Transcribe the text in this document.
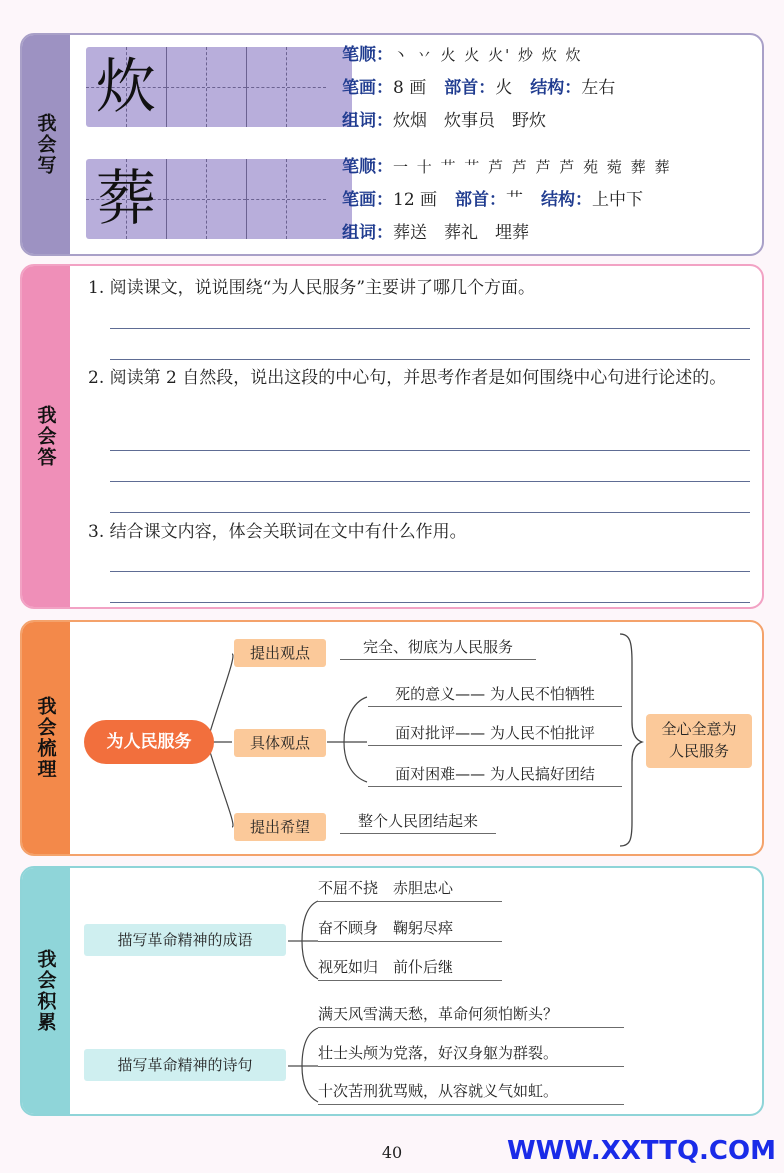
我会写
炊	笔顺：丶 丷 火 火 火' 炒 炊 炊
笔画：8 画 部首：火 结构：左右
组词：炊烟　炊事员　野炊
葬	笔顺：一 十 艹 艹 芦 芦 芦 芦 苑 菀 葬 葬
笔画：12 画 部首：艹 结构：上中下
组词：葬送　葬礼　埋葬
我会答
1. 阅读课文，说说围绕“为人民服务”主要讲了哪几个方面。
2. 阅读第 2 自然段，说出这段的中心句，并思考作者是如何围绕中心句进行论述的。
3. 结合课文内容，体会关联词在文中有什么作用。
我会梳理	为人民服务
提出观点	完全、彻底为人民服务
具体观点
死的意义—— 为人民不怕牺牲
面对批评—— 为人民不怕批评
面对困难—— 为人民搞好团结
提出希望	整个人民团结起来
全心全意为
人民服务
我会积累
描写革命精神的成语
不屈不挠　赤胆忠心
奋不顾身　鞠躬尽瘁
视死如归　前仆后继
描写革命精神的诗句
满天风雪满天愁，革命何须怕断头？
壮士头颅为党落，好汉身躯为群裂。
十次苦刑犹骂贼，从容就义气如虹。
40	WWW.XXTTQ.COM
